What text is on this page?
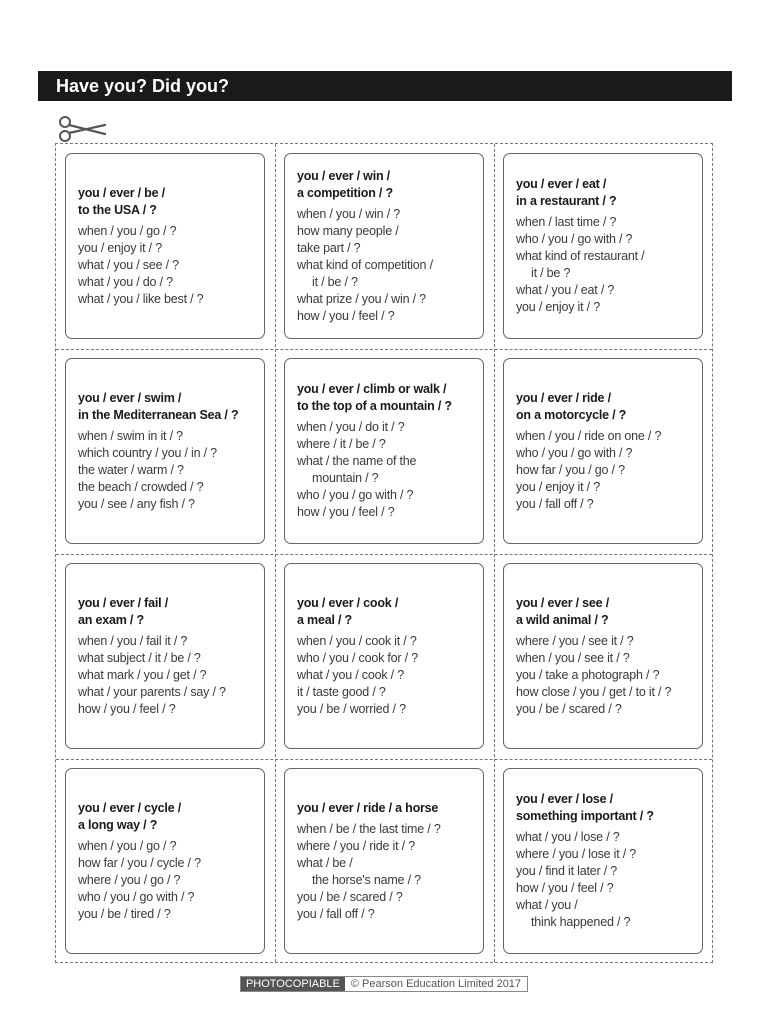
Have you? Did you?
you / ever / be /
to the USA / ?
when / you / go / ?
you / enjoy it / ?
what / you / see / ?
what / you / do / ?
what / you / like best / ?
you / ever / win /
a competition / ?
when / you / win / ?
how many people /
take part / ?
what kind of competition /
it / be / ?
what prize / you / win / ?
how / you / feel / ?
you / ever / eat /
in a restaurant / ?
when / last time / ?
who / you / go with / ?
what kind of restaurant /
it / be ?
what / you / eat / ?
you / enjoy it / ?
you / ever / swim /
in the Mediterranean Sea / ?
when / swim in it / ?
which country / you / in / ?
the water / warm / ?
the beach / crowded / ?
you / see / any fish / ?
you / ever / climb or walk /
to the top of a mountain / ?
when / you / do it / ?
where / it / be / ?
what / the name of the
mountain / ?
who / you / go with / ?
how / you / feel / ?
you / ever / ride /
on a motorcycle / ?
when / you / ride on one / ?
who / you / go with / ?
how far / you / go / ?
you / enjoy it / ?
you / fall off / ?
you / ever / fail /
an exam / ?
when / you / fail it / ?
what subject / it / be / ?
what mark / you / get / ?
what / your parents / say / ?
how / you / feel / ?
you / ever / cook /
a meal / ?
when / you / cook it / ?
who / you / cook for / ?
what / you / cook / ?
it / taste good / ?
you / be / worried / ?
you / ever / see /
a wild animal / ?
where / you / see it / ?
when / you / see it / ?
you / take a photograph / ?
how close / you / get / to it / ?
you / be / scared / ?
you / ever / cycle /
a long way / ?
when / you / go / ?
how far / you / cycle / ?
where / you / go / ?
who / you / go with / ?
you / be / tired / ?
you / ever / ride / a horse
when / be / the last time / ?
where / you / ride it / ?
what / be /
the horse's name / ?
you / be / scared / ?
you / fall off / ?
you / ever / lose /
something important / ?
what / you / lose / ?
where / you / lose it / ?
you / find it later / ?
how / you / feel / ?
what / you /
think happened / ?
PHOTOCOPIABLE	© Pearson Education Limited 2017
